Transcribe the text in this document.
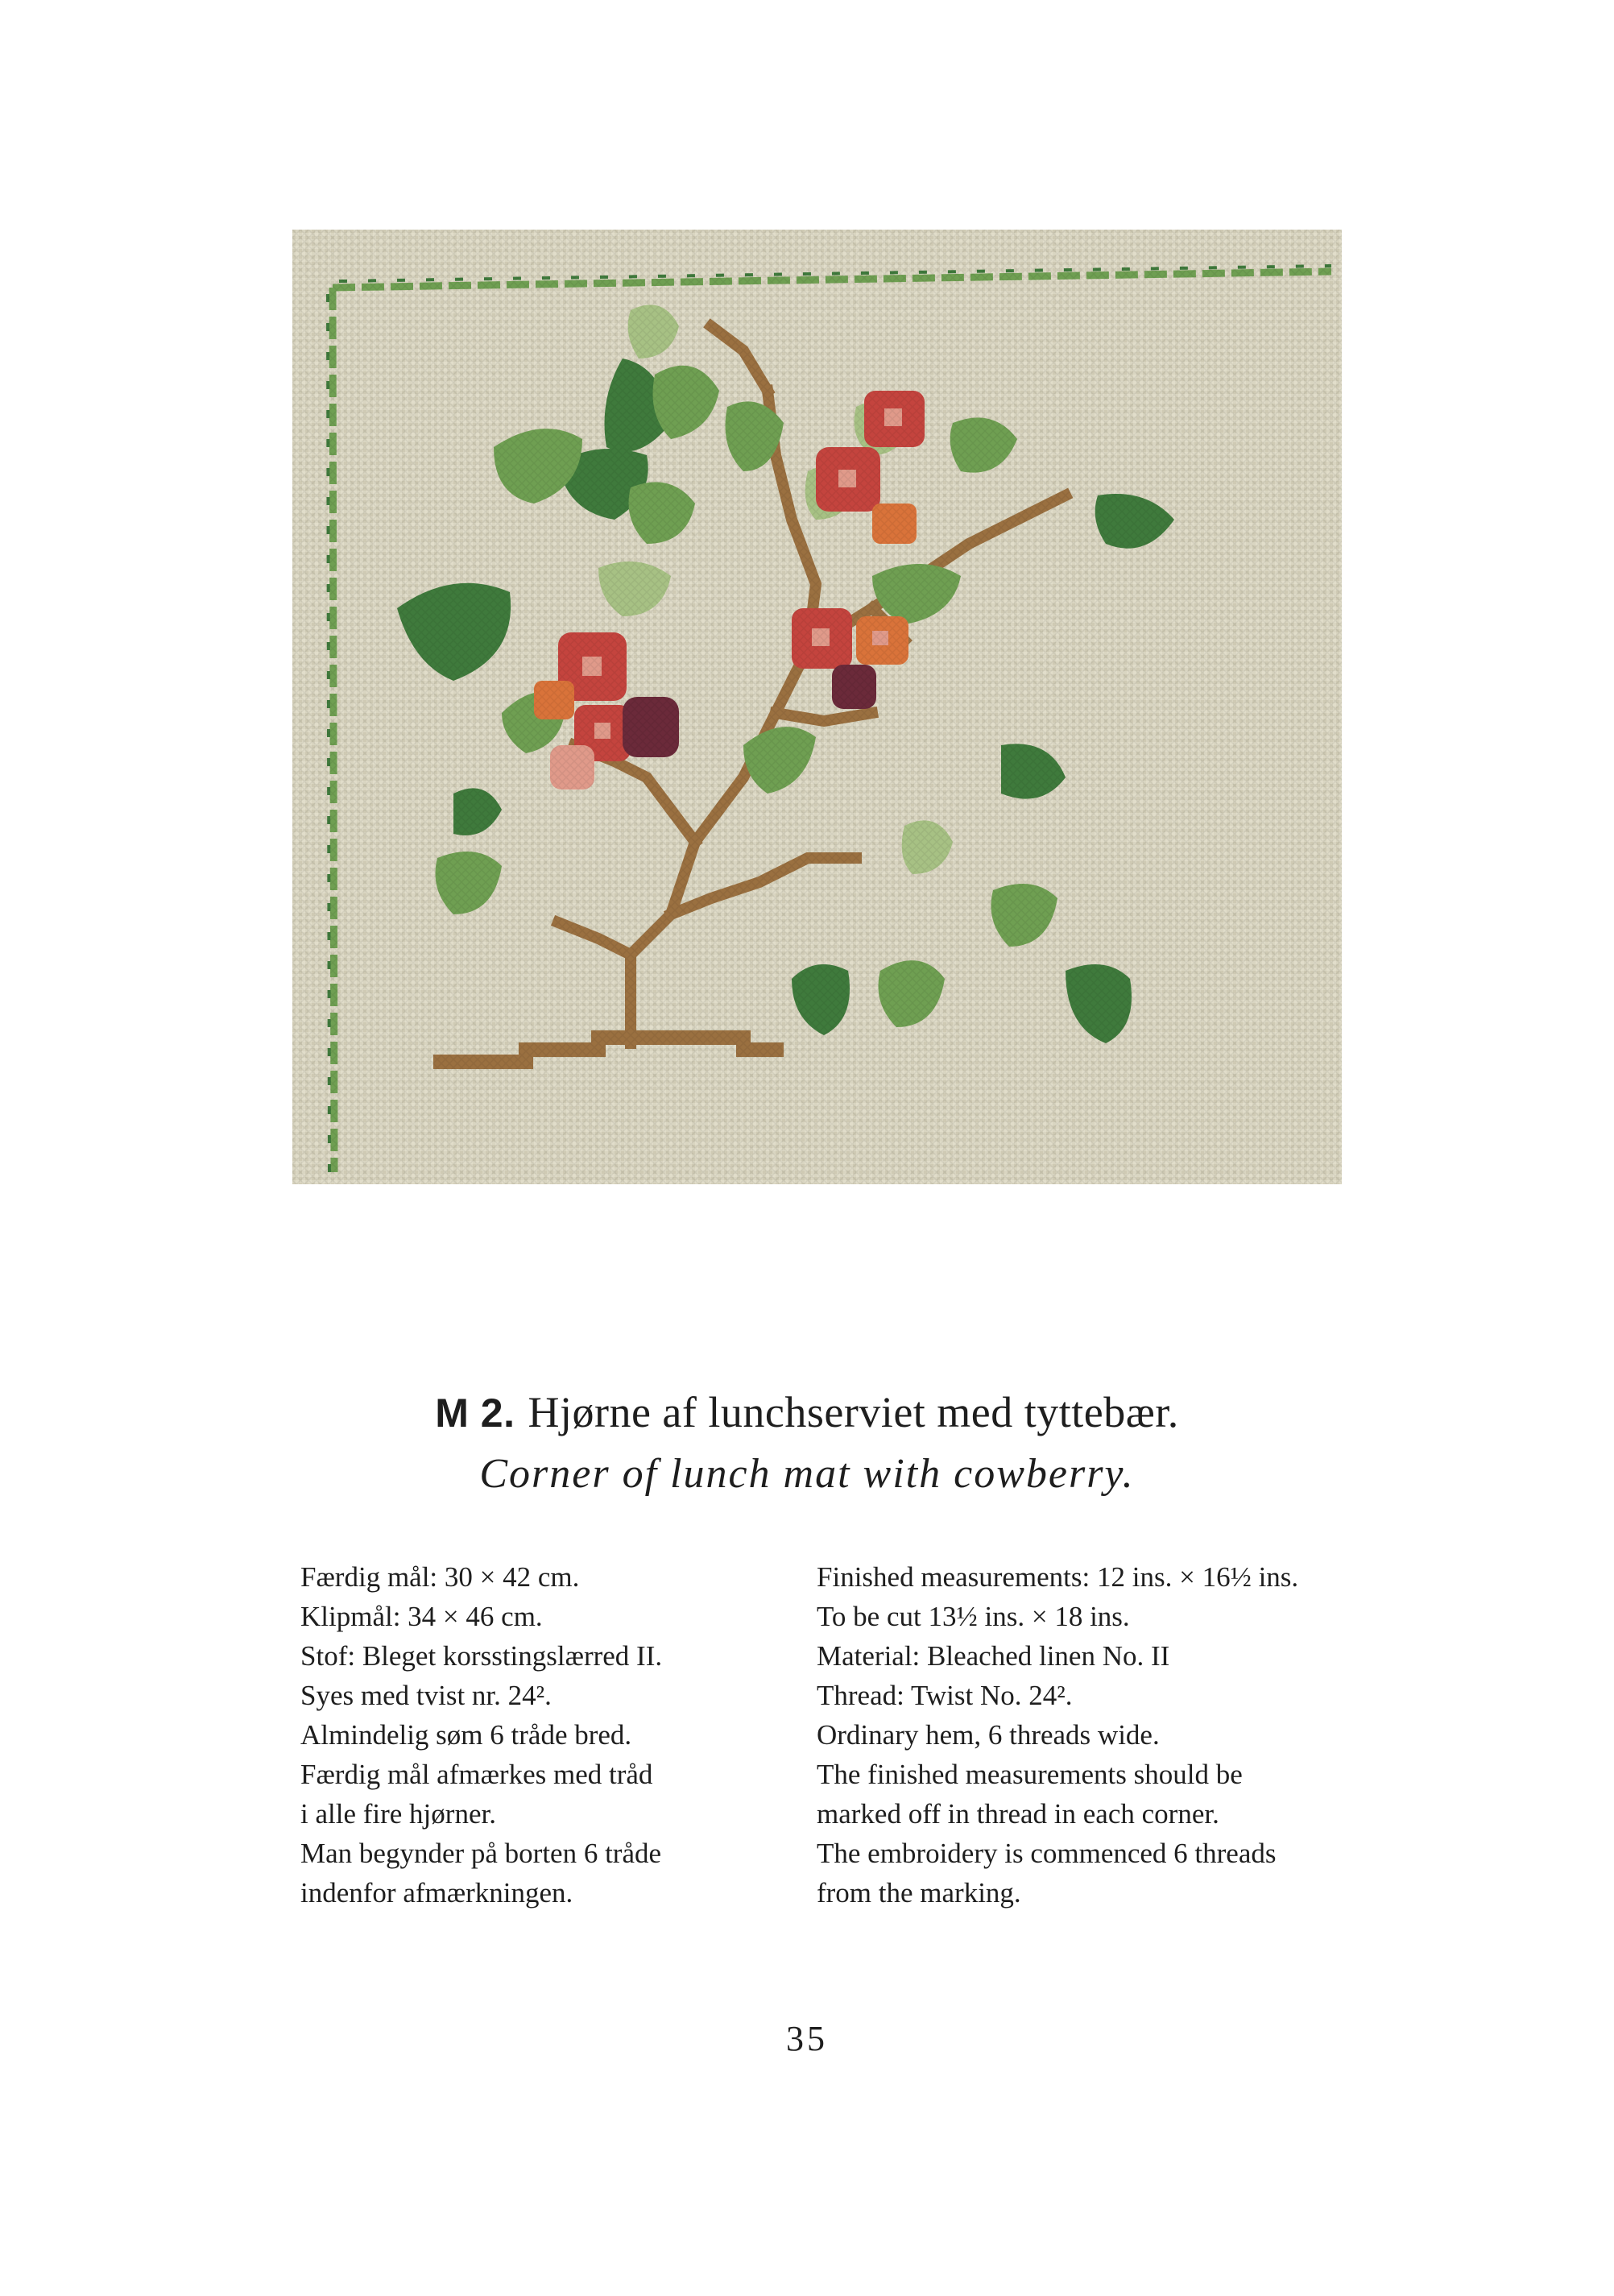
M 2. Hjørne af lunchserviet med tyttebær.
Corner of lunch mat with cowberry.
Færdig mål: 30 × 42 cm.
Klipmål: 34 × 46 cm.
Stof: Bleget korsstingslærred II.
Syes med tvist nr. 24².
Almindelig søm 6 tråde bred.
Færdig mål afmærkes med tråd
i alle fire hjørner.
Man begynder på borten 6 tråde
indenfor afmærkningen.
Finished measurements: 12 ins. × 16½ ins.
To be cut 13½ ins. × 18 ins.
Material: Bleached linen No. II
Thread: Twist No. 24².
Ordinary hem, 6 threads wide.
The finished measurements should be
marked off in thread in each corner.
The embroidery is commenced 6 threads
from the marking.
35
